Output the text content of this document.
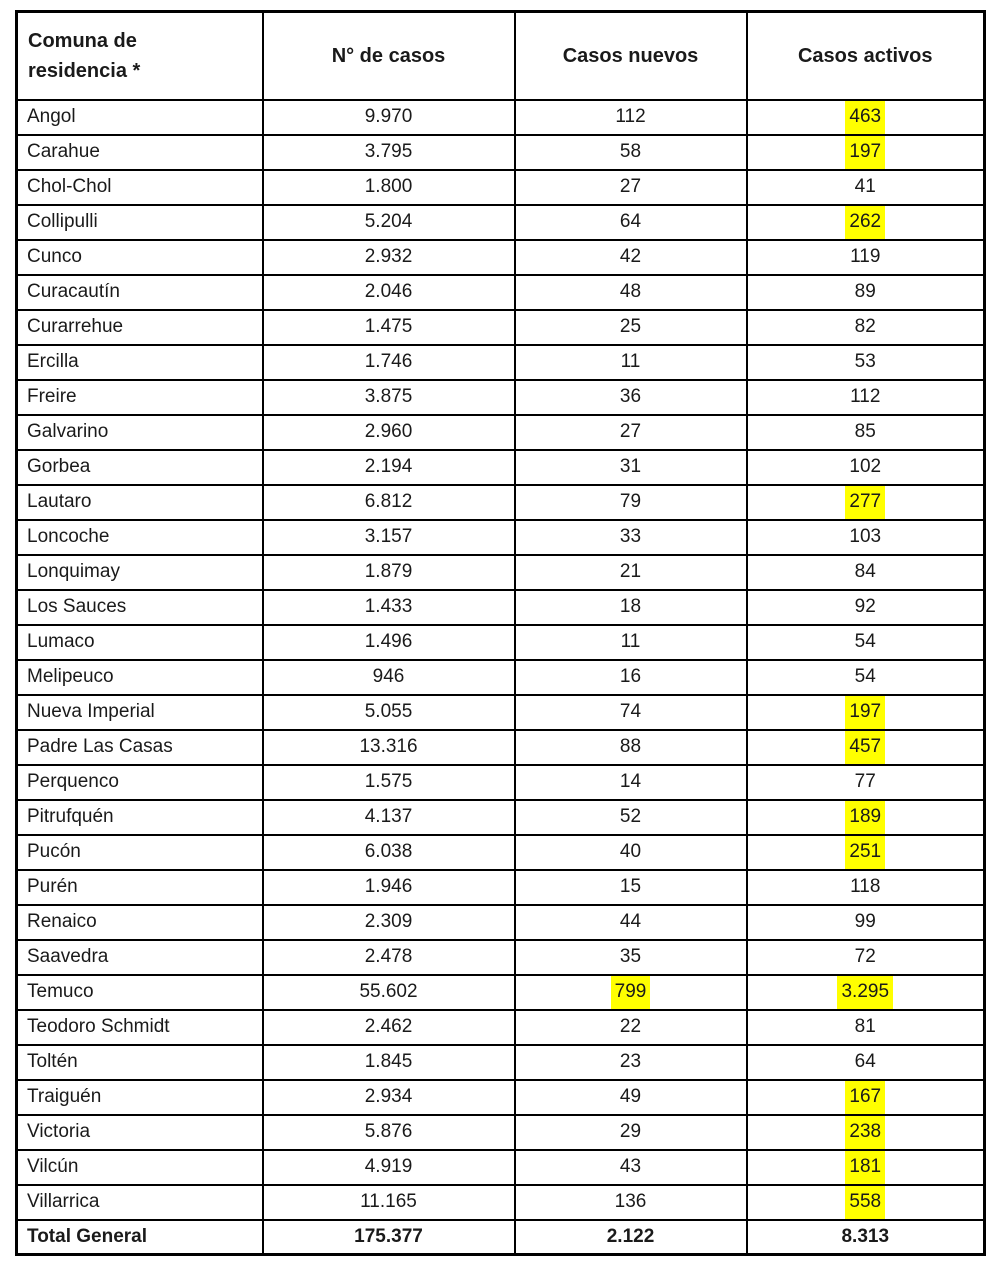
Comuna de residencia *	N° de casos	Casos nuevos	Casos activos
Angol	9.970	112	463
Carahue	3.795	58	197
Chol-Chol	1.800	27	41
Collipulli	5.204	64	262
Cunco	2.932	42	119
Curacautín	2.046	48	89
Curarrehue	1.475	25	82
Ercilla	1.746	11	53
Freire	3.875	36	112
Galvarino	2.960	27	85
Gorbea	2.194	31	102
Lautaro	6.812	79	277
Loncoche	3.157	33	103
Lonquimay	1.879	21	84
Los Sauces	1.433	18	92
Lumaco	1.496	11	54
Melipeuco	946	16	54
Nueva Imperial	5.055	74	197
Padre Las Casas	13.316	88	457
Perquenco	1.575	14	77
Pitrufquén	4.137	52	189
Pucón	6.038	40	251
Purén	1.946	15	118
Renaico	2.309	44	99
Saavedra	2.478	35	72
Temuco	55.602	799	3.295
Teodoro Schmidt	2.462	22	81
Toltén	1.845	23	64
Traiguén	2.934	49	167
Victoria	5.876	29	238
Vilcún	4.919	43	181
Villarrica	11.165	136	558
Total General	175.377	2.122	8.313
